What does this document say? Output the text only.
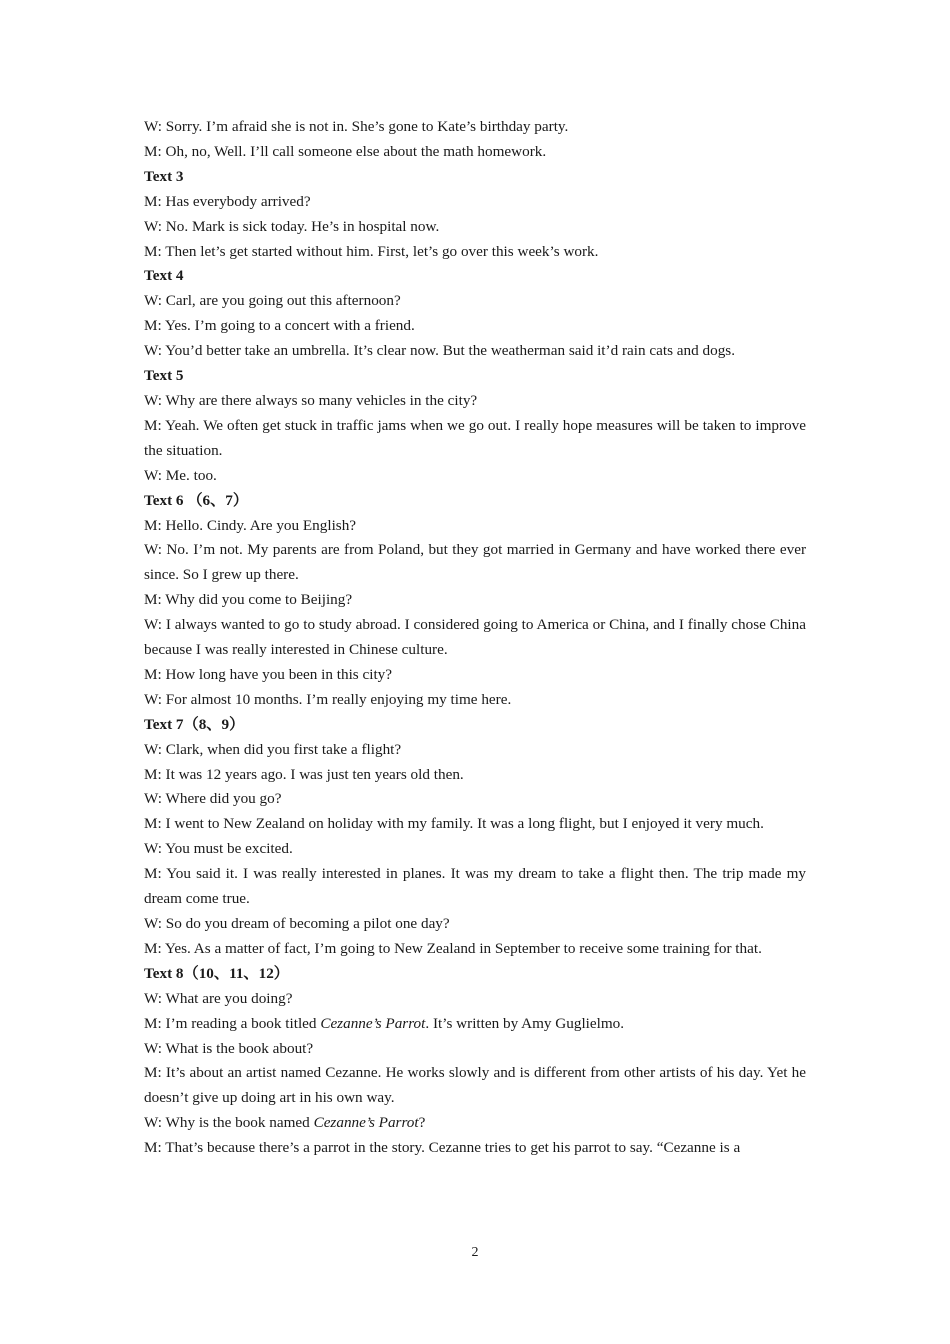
W: Sorry. I’m afraid she is not in. She’s gone to Kate’s birthday party.

M: Oh, no, Well. I’ll call someone else about the math homework.

Text 3

M: Has everybody arrived?

W: No. Mark is sick today. He’s in hospital now.

M: Then let’s get started without him. First, let’s go over this week’s work.

Text 4

W: Carl, are you going out this afternoon?

M: Yes. I’m going to a concert with a friend.

W: You’d better take an umbrella. It’s clear now. But the weatherman said it’d rain cats and dogs.

Text 5

W: Why are there always so many vehicles in the city?

M: Yeah. We often get stuck in traffic jams when we go out. I really hope measures will be taken to improve the situation.

W: Me. too.

Text 6 （6、7）

M: Hello. Cindy. Are you English?

W: No. I’m not. My parents are from Poland, but they got married in Germany and have worked there ever since. So I grew up there.

M: Why did you come to Beijing?

W: I always wanted to go to study abroad. I considered going to America or China, and I finally chose China because I was really interested in Chinese culture.

M: How long have you been in this city?

W: For almost 10 months. I’m really enjoying my time here.

Text 7（8、9）

W: Clark, when did you first take a flight?

M: It was 12 years ago. I was just ten years old then.

W: Where did you go?

M: I went to New Zealand on holiday with my family. It was a long flight, but I enjoyed it very much.

W: You must be excited.

M: You said it. I was really interested in planes. It was my dream to take a flight then. The trip made my dream come true.

W: So do you dream of becoming a pilot one day?

M: Yes. As a matter of fact, I’m going to New Zealand in September to receive some training for that.

Text 8（10、11、12）

W: What are you doing?

M: I’m reading a book titled Cezanne’s Parrot. It’s written by Amy Guglielmo.

W: What is the book about?

M: It’s about an artist named Cezanne. He works slowly and is different from other artists of his day. Yet he doesn’t give up doing art in his own way.

W: Why is the book named Cezanne’s Parrot?

M: That’s because there’s a parrot in the story. Cezanne tries to get his parrot to say. “Cezanne is a

2
